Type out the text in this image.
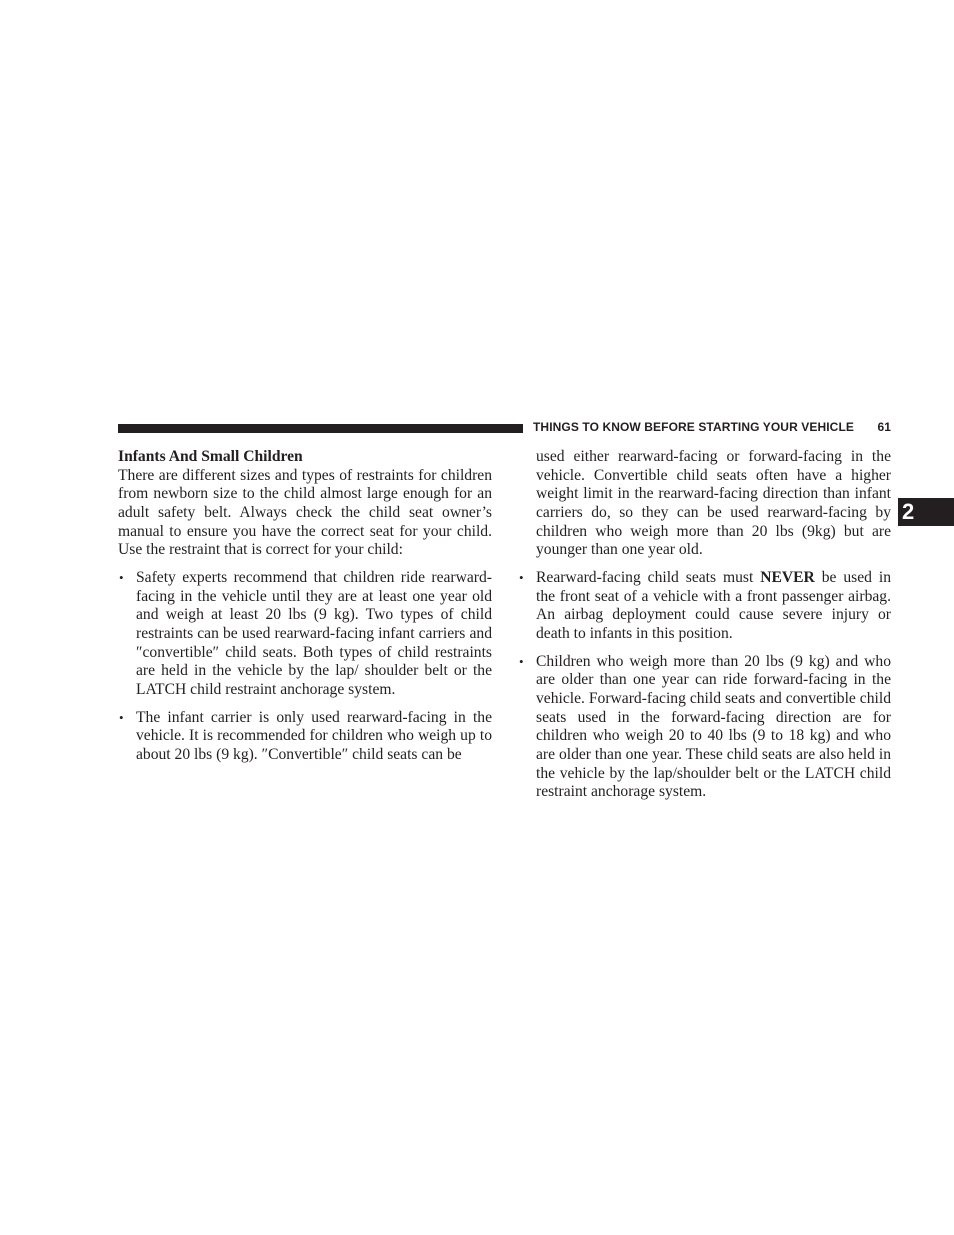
THINGS TO KNOW BEFORE STARTING YOUR VEHICLE 61
2
Infants And Small Children

There are different sizes and types of restraints for children from newborn size to the child almost large enough for an adult safety belt. Always check the child seat owner’s manual to ensure you have the correct seat for your child. Use the restraint that is correct for your child:

• Safety experts recommend that children ride rearward-facing in the vehicle until they are at least one year old and weigh at least 20 lbs (9 kg). Two types of child restraints can be used rearward-facing infant carriers and ″convertible″ child seats. Both types of child restraints are held in the vehicle by the lap/ shoulder belt or the LATCH child restraint anchorage system.
• The infant carrier is only used rearward-facing in the vehicle. It is recommended for children who weigh up to about 20 lbs (9 kg). ″Convertible″ child seats can be

used either rearward-facing or forward-facing in the vehicle. Convertible child seats often have a higher weight limit in the rearward-facing direction than infant carriers do, so they can be used rearward-facing by children who weigh more than 20 lbs (9kg) but are younger than one year old.

• Rearward-facing child seats must NEVER be used in the front seat of a vehicle with a front passenger airbag. An airbag deployment could cause severe injury or death to infants in this position.
• Children who weigh more than 20 lbs (9 kg) and who are older than one year can ride forward-facing in the vehicle. Forward-facing child seats and convertible child seats used in the forward-facing direction are for children who weigh 20 to 40 lbs (9 to 18 kg) and who are older than one year. These child seats are also held in the vehicle by the lap/shoulder belt or the LATCH child restraint anchorage system.
